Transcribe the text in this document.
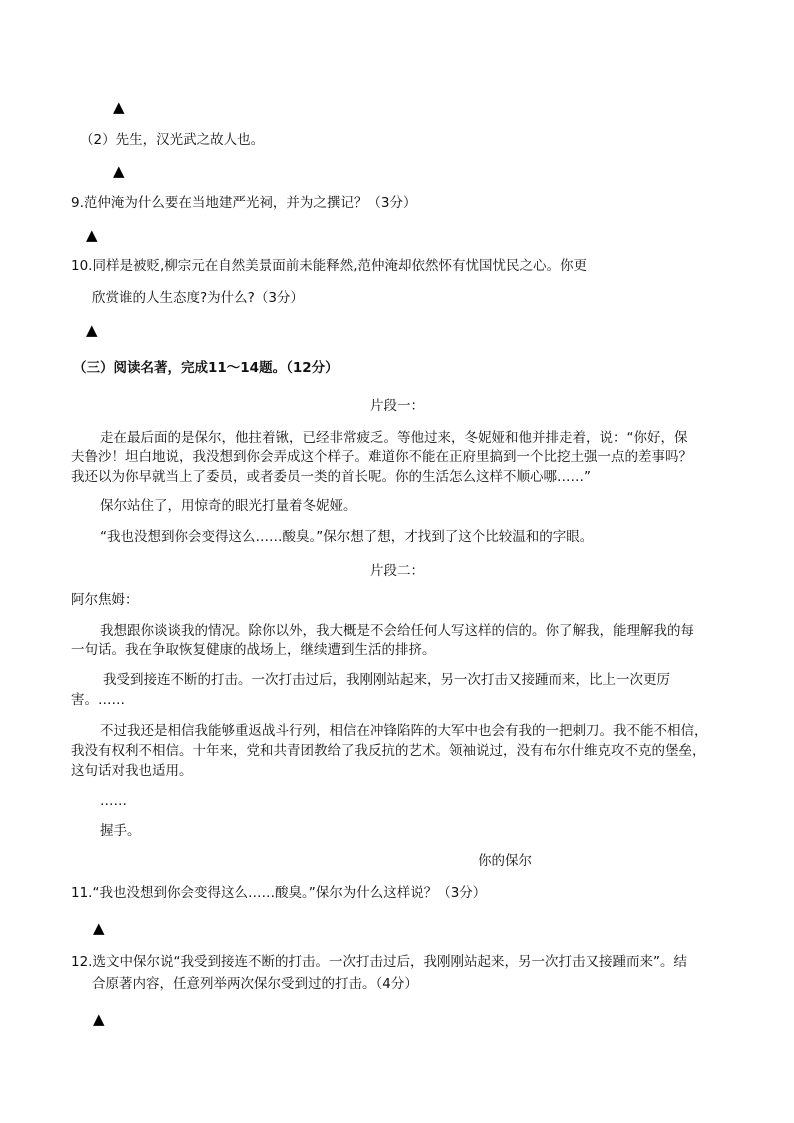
▲
（2）先生，汉光武之故人也。
▲
9.范仲淹为什么要在当地建严光祠，并为之撰记？（3分）
▲
10.同样是被贬,柳宗元在自然美景面前未能释然,范仲淹却依然怀有忧国忧民之心。你更
欣赏谁的人生态度?为什么?（3分）
▲
（三）阅读名著，完成11～14题。（12分）
片段一：
走在最后面的是保尔，他拄着锹，已经非常疲乏。等他过来，冬妮娅和他并排走着，说：“你好，保
夫鲁沙！坦白地说，我没想到你会弄成这个样子。难道你不能在正府里搞到一个比挖土强一点的差事吗？
我还以为你早就当上了委员，或者委员一类的首长呢。你的生活怎么这样不顺心哪……”
保尔站住了，用惊奇的眼光打量着冬妮娅。
“我也没想到你会变得这么……酸臭。”保尔想了想，才找到了这个比较温和的字眼。
片段二：
阿尔焦姆：
我想跟你谈谈我的情况。除你以外，我大概是不会给任何人写这样的信的。你了解我，能理解我的每
一句话。我在争取恢复健康的战场上，继续遭到生活的排挤。
我受到接连不断的打击。一次打击过后，我刚刚站起来，另一次打击又接踵而来，比上一次更厉
害。……
不过我还是相信我能够重返战斗行列，相信在冲锋陷阵的大军中也会有我的一把刺刀。我不能不相信，
我没有权利不相信。十年来，党和共青团教给了我反抗的艺术。领袖说过，没有布尔什维克攻不克的堡垒，
这句话对我也适用。
……
握手。
你的保尔
11.“我也没想到你会变得这么……酸臭。”保尔为什么这样说？（3分）
▲
12.选文中保尔说“我受到接连不断的打击。一次打击过后，我刚刚站起来，另一次打击又接踵而来”。结
合原著内容，任意列举两次保尔受到过的打击。（4分）
▲
